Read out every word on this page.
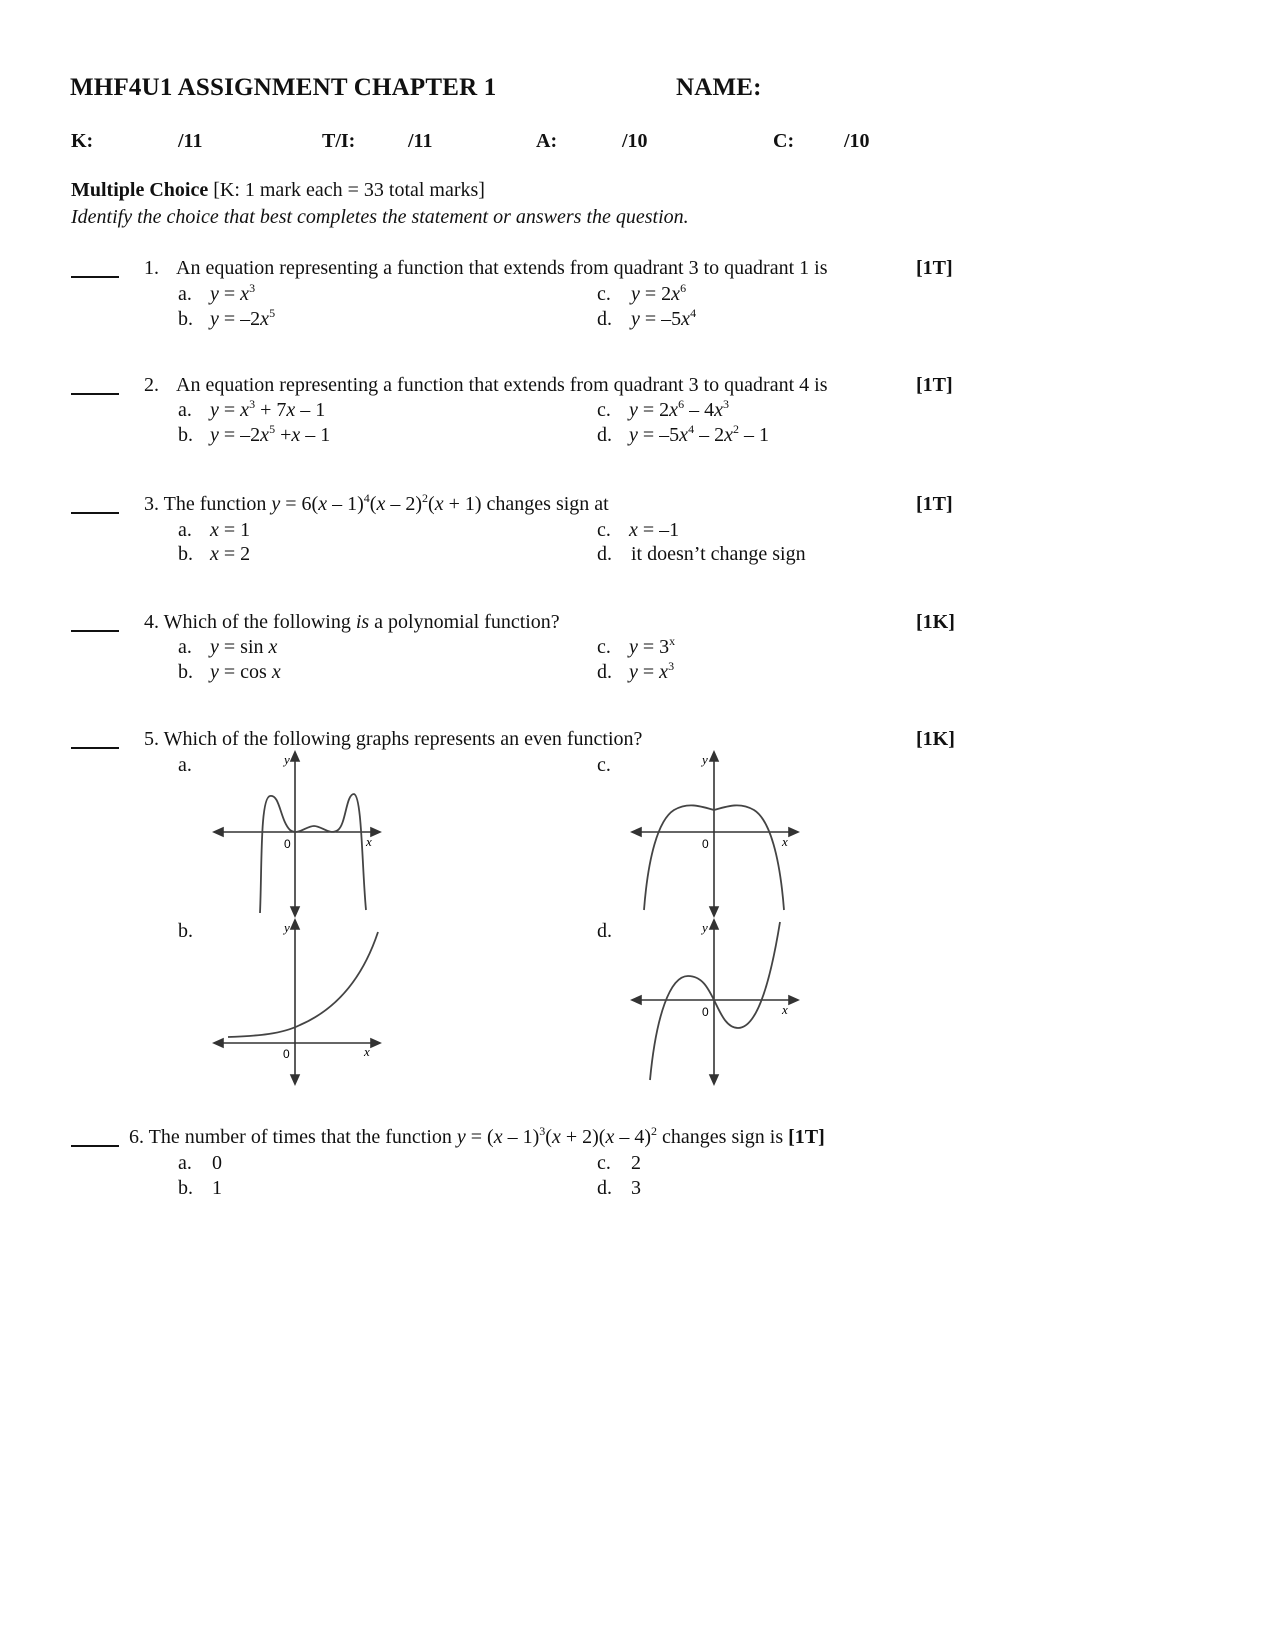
MHF4U1 ASSIGNMENT CHAPTER 1	NAME:
K:	/11	T/I:	/11	A:	/10	C: /10
Multiple Choice [K: 1 mark each = 33 total marks]
Identify the choice that best completes the statement or answers the question.
1. An equation representing a function that extends from quadrant 3 to quadrant 1 is	[1T]
a. $y = x^3$
b. $y = -2x^5$
c. $y = 2x^6$
d. $y = -5x^4$
2. An equation representing a function that extends from quadrant 3 to quadrant 4 is	[1T]
a. $y = x^3 + 7x - 1$
b. $y = -2x^5 +x - 1$
c. $y = 2x^6 - 4x^3$
d. $y = -5x^4 - 2x^2 - 1$
3. The function y = 6(x – 1)$^4$(x – 2)$^2$(x + 1) changes sign at	[1T]
a. x = 1
b. x = 2
c. x = –1
d. it doesn’t change sign
4. Which of the following is a polynomial function?	[1K]
a. y = sin x
b. y = cos x
c. $y = 3^x$
d. $y = x^3$
5. Which of the following graphs represents an even function?	[1K]
a.	c.
b.	d.
y
x
0
y
x
0
y
x
0
y
x
0
6. The number of times that the function y = (x – 1)$^3$(x + 2)(x – 4)$^2$ changes sign is [1T]
a. 0
b. 1
c. 2
d. 3
